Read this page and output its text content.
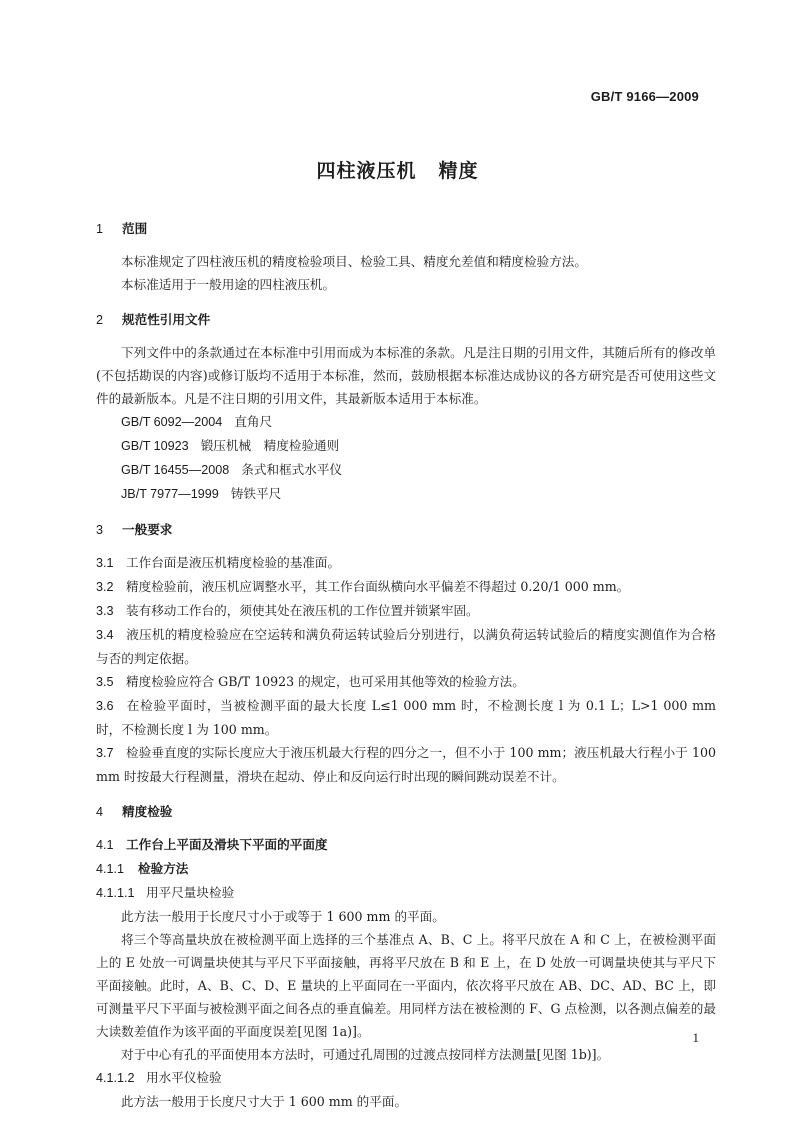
GB/T 9166—2009
四柱液压机 精度
1 范围

本标准规定了四柱液压机的精度检验项目、检验工具、精度允差值和精度检验方法。

本标准适用于一般用途的四柱液压机。

2 规范性引用文件

下列文件中的条款通过在本标准中引用而成为本标准的条款。凡是注日期的引用文件，其随后所有的修改单(不包括勘误的内容)或修订版均不适用于本标准，然而，鼓励根据本标准达成协议的各方研究是否可使用这些文件的最新版本。凡是不注日期的引用文件，其最新版本适用于本标准。

GB/T 6092—2004 直角尺

GB/T 10923 锻压机械　精度检验通则

GB/T 16455—2008 条式和框式水平仪

JB/T 7977—1999 铸铁平尺

3 一般要求

3.1 工作台面是液压机精度检验的基准面。

3.2 精度检验前，液压机应调整水平，其工作台面纵横向水平偏差不得超过 0.20/1 000 mm。

3.3 装有移动工作台的，须使其处在液压机的工作位置并锁紧牢固。

3.4 液压机的精度检验应在空运转和满负荷运转试验后分别进行，以满负荷运转试验后的精度实测值作为合格与否的判定依据。

3.5 精度检验应符合 GB/T 10923 的规定，也可采用其他等效的检验方法。

3.6 在检验平面时，当被检测平面的最大长度 L≤1 000 mm 时，不检测长度 l 为 0.1 L；L>1 000 mm 时，不检测长度 l 为 100 mm。

3.7 检验垂直度的实际长度应大于液压机最大行程的四分之一，但不小于 100 mm；液压机最大行程小于 100 mm 时按最大行程测量，滑块在起动、停止和反向运行时出现的瞬间跳动误差不计。

4 精度检验
4.1 工作台上平面及滑块下平面的平面度
4.1.1 检验方法

4.1.1.1 用平尺量块检验

此方法一般用于长度尺寸小于或等于 1 600 mm 的平面。

将三个等高量块放在被检测平面上选择的三个基准点 A、B、C 上。将平尺放在 A 和 C 上，在被检测平面上的 E 处放一可调量块使其与平尺下平面接触，再将平尺放在 B 和 E 上，在 D 处放一可调量块使其与平尺下平面接触。此时，A、B、C、D、E 量块的上平面同在一平面内，依次将平尺放在 AB、DC、AD、BC 上，即可测量平尺下平面与被检测平面之间各点的垂直偏差。用同样方法在被检测的 F、G 点检测，以各测点偏差的最大读数差值作为该平面的平面度误差[见图 1a)]。

对于中心有孔的平面使用本方法时，可通过孔周围的过渡点按同样方法测量[见图 1b)]。

4.1.1.2 用水平仪检验

此方法一般用于长度尺寸大于 1 600 mm 的平面。

1
